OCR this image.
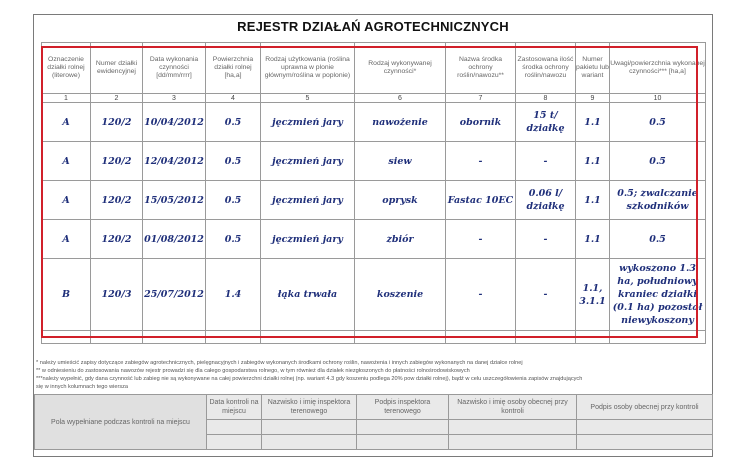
REJESTR DZIAŁAŃ AGROTECHNICZNYCH
Oznaczenie działki rolnej (literowe)	Numer działki ewidencyjnej	Data wykonania czynności [dd/mm/rrrr]	Powierzchnia działki rolnej [ha,a]	Rodzaj użytkowania (roślina uprawna w plonie głównym/roślina w poplonie)	Rodzaj wykonywanej czynności*	Nazwa środka ochrony roślin/nawozu**	Zastosowana ilość środka ochrony roślin/nawozu	Numer pakietu lub wariant	Uwagi/powierzchnia wykonanej czynności*** [ha,a]
1	2	3	4	5	6	7	8	9	10
A	120/2	10/04/2012	0.5	jęczmień jary	nawożenie	obornik	15 t/ działkę	1.1	0.5
A	120/2	12/04/2012	0.5	jęczmień jary	siew	-	-	1.1	0.5
A	120/2	15/05/2012	0.5	jęczmień jary	oprysk	Fastac 10EC	0.06 l/ działkę	1.1	0.5; zwalczanie szkodników
A	120/2	01/08/2012	0.5	jęczmień jary	zbiór	-	-	1.1	0.5
B	120/3	25/07/2012	1.4	łąka trwała	koszenie	-	-	1.1, 3.1.1	wykoszono 1.3 ha, południowy kraniec działki (0.1 ha) pozostał niewykoszony

* należy umieścić zapisy dotyczące zabiegów agrotechnicznych, pielęgnacyjnych i zabiegów wykonanych środkami ochrony roślin, nawożenia i innych zabiegów wykonanych na danej działce rolnej
** w odniesieniu do zastosowania nawozów rejestr prowadzi się dla całego gospodarstwa rolnego, w tym również dla działek niezgłoszonych do płatności rolnośrodowiskowych
***należy wypełnić, gdy dana czynność lub zabieg nie są wykonywane na całej powierzchni działki rolnej (np. wariant 4.3 gdy koszeniu podlega 20% pow działki rolnej), bądź w celu uszczegółowienia zapisów znajdujących
się w innych kolumnach tego wiersza
Pola wypełniane podczas kontroli na miejscu	Data kontroli na miejscu	Nazwisko i imię inspektora terenowego	Podpis inspektora terenowego	Nazwisko i imię osoby obecnej przy kontroli	Podpis osoby obecnej przy kontroli
